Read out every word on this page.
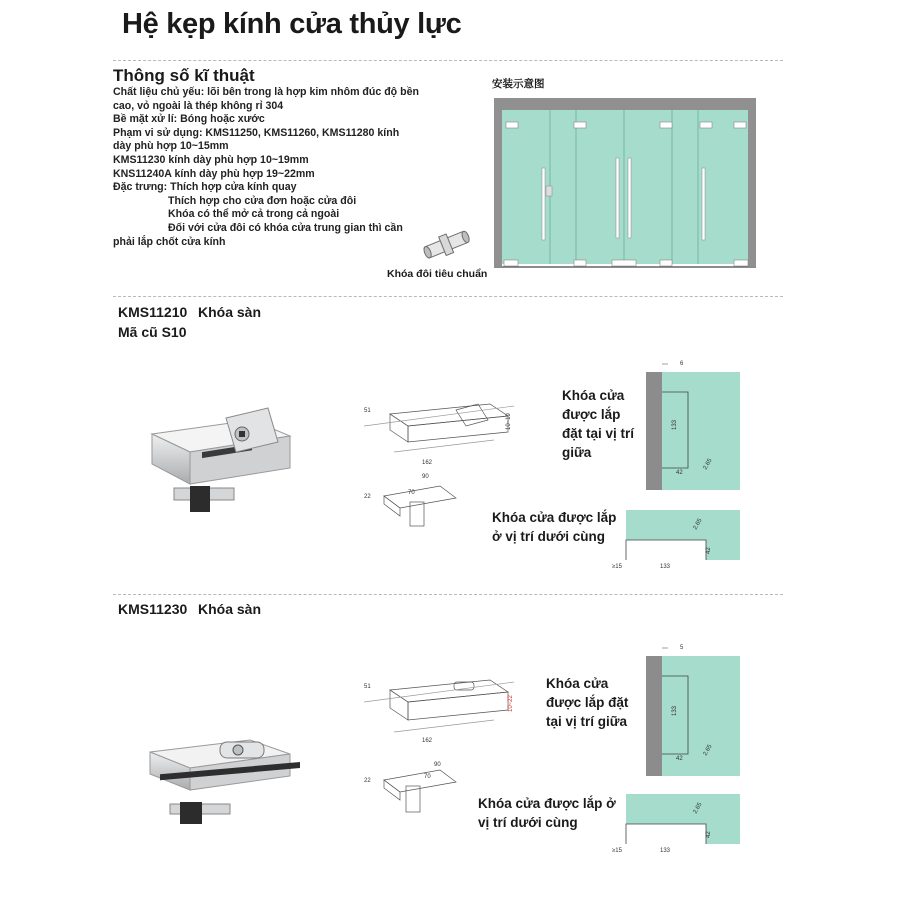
Hệ kẹp kính cửa thủy lực
Thông số kĩ thuật
Chất liệu chủ yếu: lõi bên trong là hợp kim nhôm đúc độ bền
cao, vỏ ngoài là thép không rỉ 304
Bề mặt xử lí: Bóng hoặc xước
Phạm vi sử dụng: KMS11250, KMS11260, KMS11280 kính
dày phù hợp 10~15mm
KMS11230 kính dày phù hợp 10~19mm
KNS11240A kính dày phù hợp 19~22mm
Đặc trưng: Thích hợp cửa kính quay
Thích hợp cho cửa đơn hoặc cửa đôi
Khóa có thể mở cả trong cả ngoài
Đối với cửa đôi có khóa cửa trung gian thì cần
phải lắp chốt cửa kính
Khóa đôi tiêu chuẩn
安装示意图
KMS11210 Khóa sàn
Mã cũ S10
51
10~19
162
22
90
70
Khóa cửa
được lắp
đặt tại vị trí
giữa
Khóa cửa được lắp
ở vị trí dưới cùng
6
133
42
2.65
≥15	133
2.65
42
KMS11230 Khóa sàn
51
10~22
162
22
90
70
Khóa cửa
được lắp đặt
tại vị trí giữa
Khóa cửa được lắp ở
vị trí dưới cùng
5
133
42
2.65
≥15	133
2.65
42
